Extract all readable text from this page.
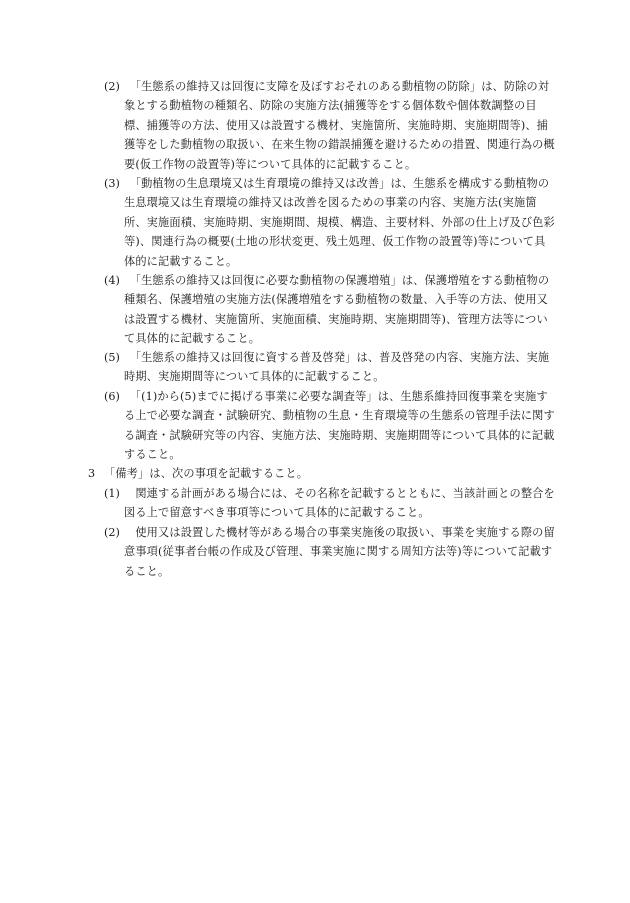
(2) 　「生態系の維持又は回復に支障を及ぼすおそれのある動植物の防除」は、防除の対象とする動植物の種類名、防除の実施方法(捕獲等をする個体数や個体数調整の目標、捕獲等の方法、使用又は設置する機材、実施箇所、実施時期、実施期間等)、捕獲等をした動植物の取扱い、在来生物の錯誤捕獲を避けるための措置、関連行為の概要(仮工作物の設置等)等について具体的に記載すること。
(3) 　「動植物の生息環境又は生育環境の維持又は改善」は、生態系を構成する動植物の生息環境又は生育環境の維持又は改善を図るための事業の内容、実施方法(実施箇所、実施面積、実施時期、実施期間、規模、構造、主要材料、外部の仕上げ及び色彩等)、関連行為の概要(土地の形状変更、残土処理、仮工作物の設置等)等について具体的に記載すること。
(4) 　「生態系の維持又は回復に必要な動植物の保護増殖」は、保護増殖をする動植物の種類名、保護増殖の実施方法(保護増殖をする動植物の数量、入手等の方法、使用又は設置する機材、実施箇所、実施面積、実施時期、実施期間等)、管理方法等について具体的に記載すること。
(5) 　「生態系の維持又は回復に資する普及啓発」は、普及啓発の内容、実施方法、実施時期、実施期間等について具体的に記載すること。
(6) 　「(1)から(5)までに掲げる事業に必要な調査等」は、生態系維持回復事業を実施する上で必要な調査・試験研究、動植物の生息・生育環境等の生態系の管理手法に関する調査・試験研究等の内容、実施方法、実施時期、実施期間等について具体的に記載すること。
3 「備考」は、次の事項を記載すること。
(1) 　関連する計画がある場合には、その名称を記載するとともに、当該計画との整合を図る上で留意すべき事項等について具体的に記載すること。
(2) 　使用又は設置した機材等がある場合の事業実施後の取扱い、事業を実施する際の留意事項(従事者台帳の作成及び管理、事業実施に関する周知方法等)等について記載すること。
